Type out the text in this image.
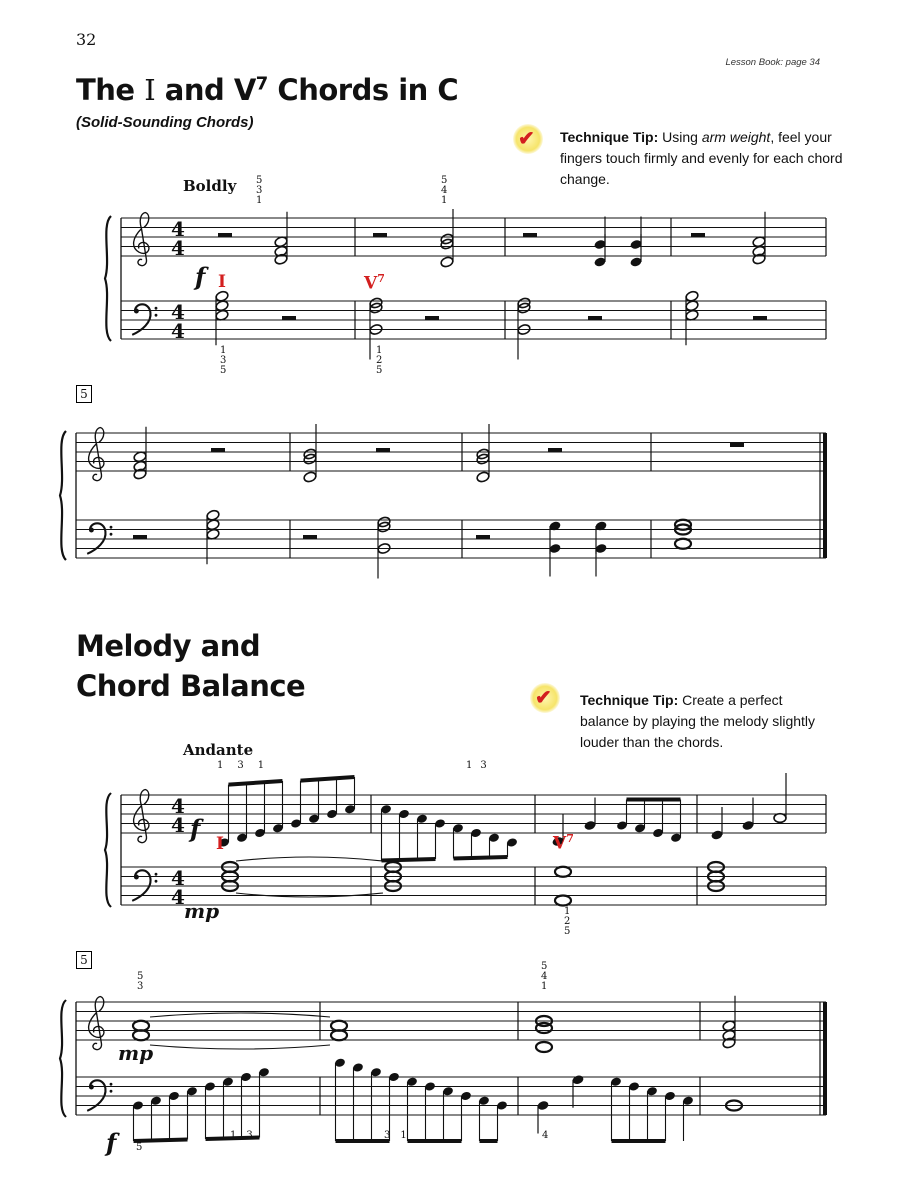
32
Lesson Book: page 34
The I and $V^7$ Chords in C
(Solid-Sounding Chords)
✔ Technique Tip: Using arm weight, feel your fingers touch firmly and evenly for each chord change.
Melody and
Chord Balance	✔ Technique Tip: Create a perfect balance by playing the melody slightly louder than the chords.
4
4
4
4
4
4
4
4
Boldly
f I	$V^7$
5
3
1
5
4
1
1
3
5
1
2
5
5
Andante
131	13
f
I	$V^7$
mp	1
2
5
5
5
3
5
4
1
mp
f 5
13	31	4
